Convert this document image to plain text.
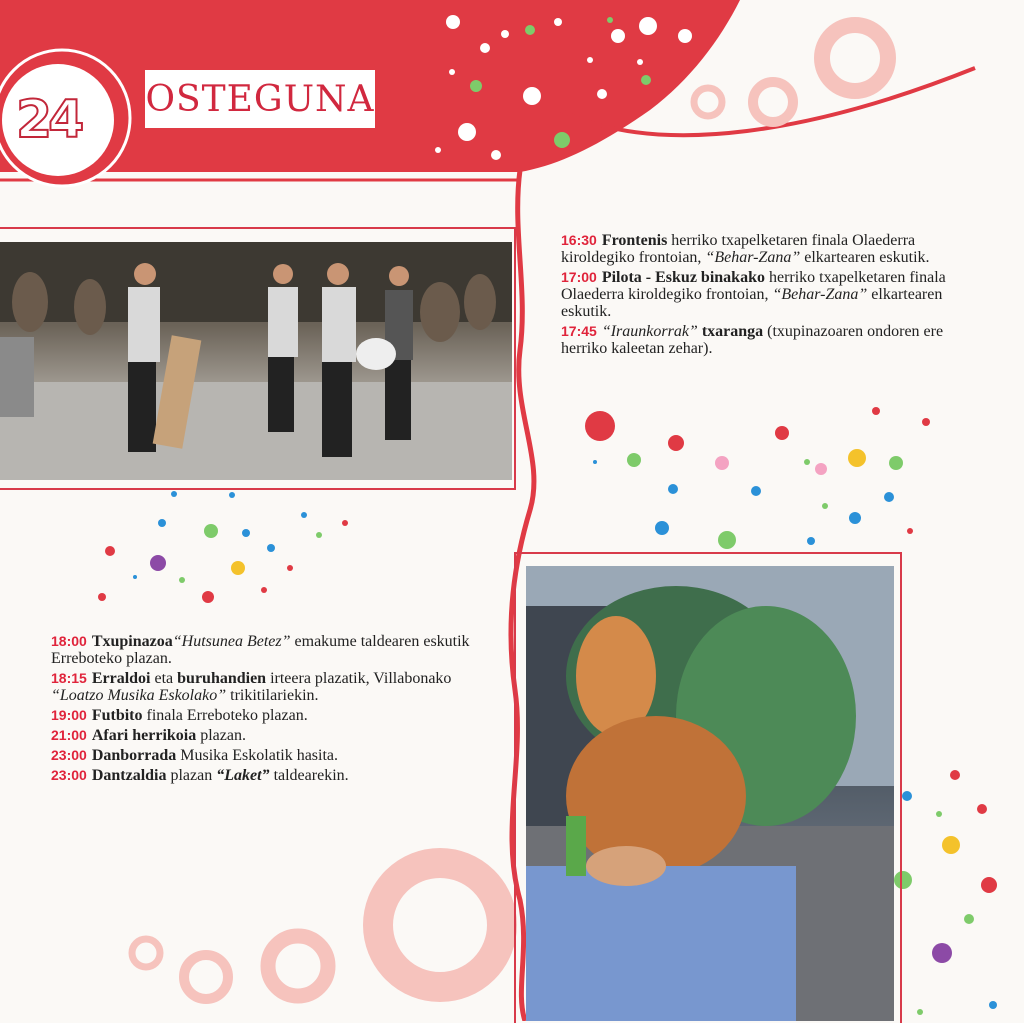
24 OSTEGUNA
16:30 Frontenis herriko txapelketaren finala Olaederra kiroldegiko frontoian, “Behar-Zana” elkartearen eskutik.
17:00 Pilota - Eskuz binakako herriko txapelketaren finala Olaederra kiroldegiko frontoian, “Behar-Zana” elkartearen eskutik.
17:45 “Iraunkorrak” txaranga (txupinazoaren ondoren ere herriko kaleetan zehar).
18:00 Txupinazoa“Hutsunea Betez” emakume taldearen eskutik Erreboteko plazan.
18:15 Erraldoi eta buruhandien irteera plazatik, Villabonako “Loatzo Musika Eskolako” trikitilariekin.
19:00 Futbito finala Erreboteko plazan.
21:00 Afari herrikoia plazan.
23:00 Danborrada Musika Eskolatik hasita.
23:00 Dantzaldia plazan “Laket” taldearekin.
